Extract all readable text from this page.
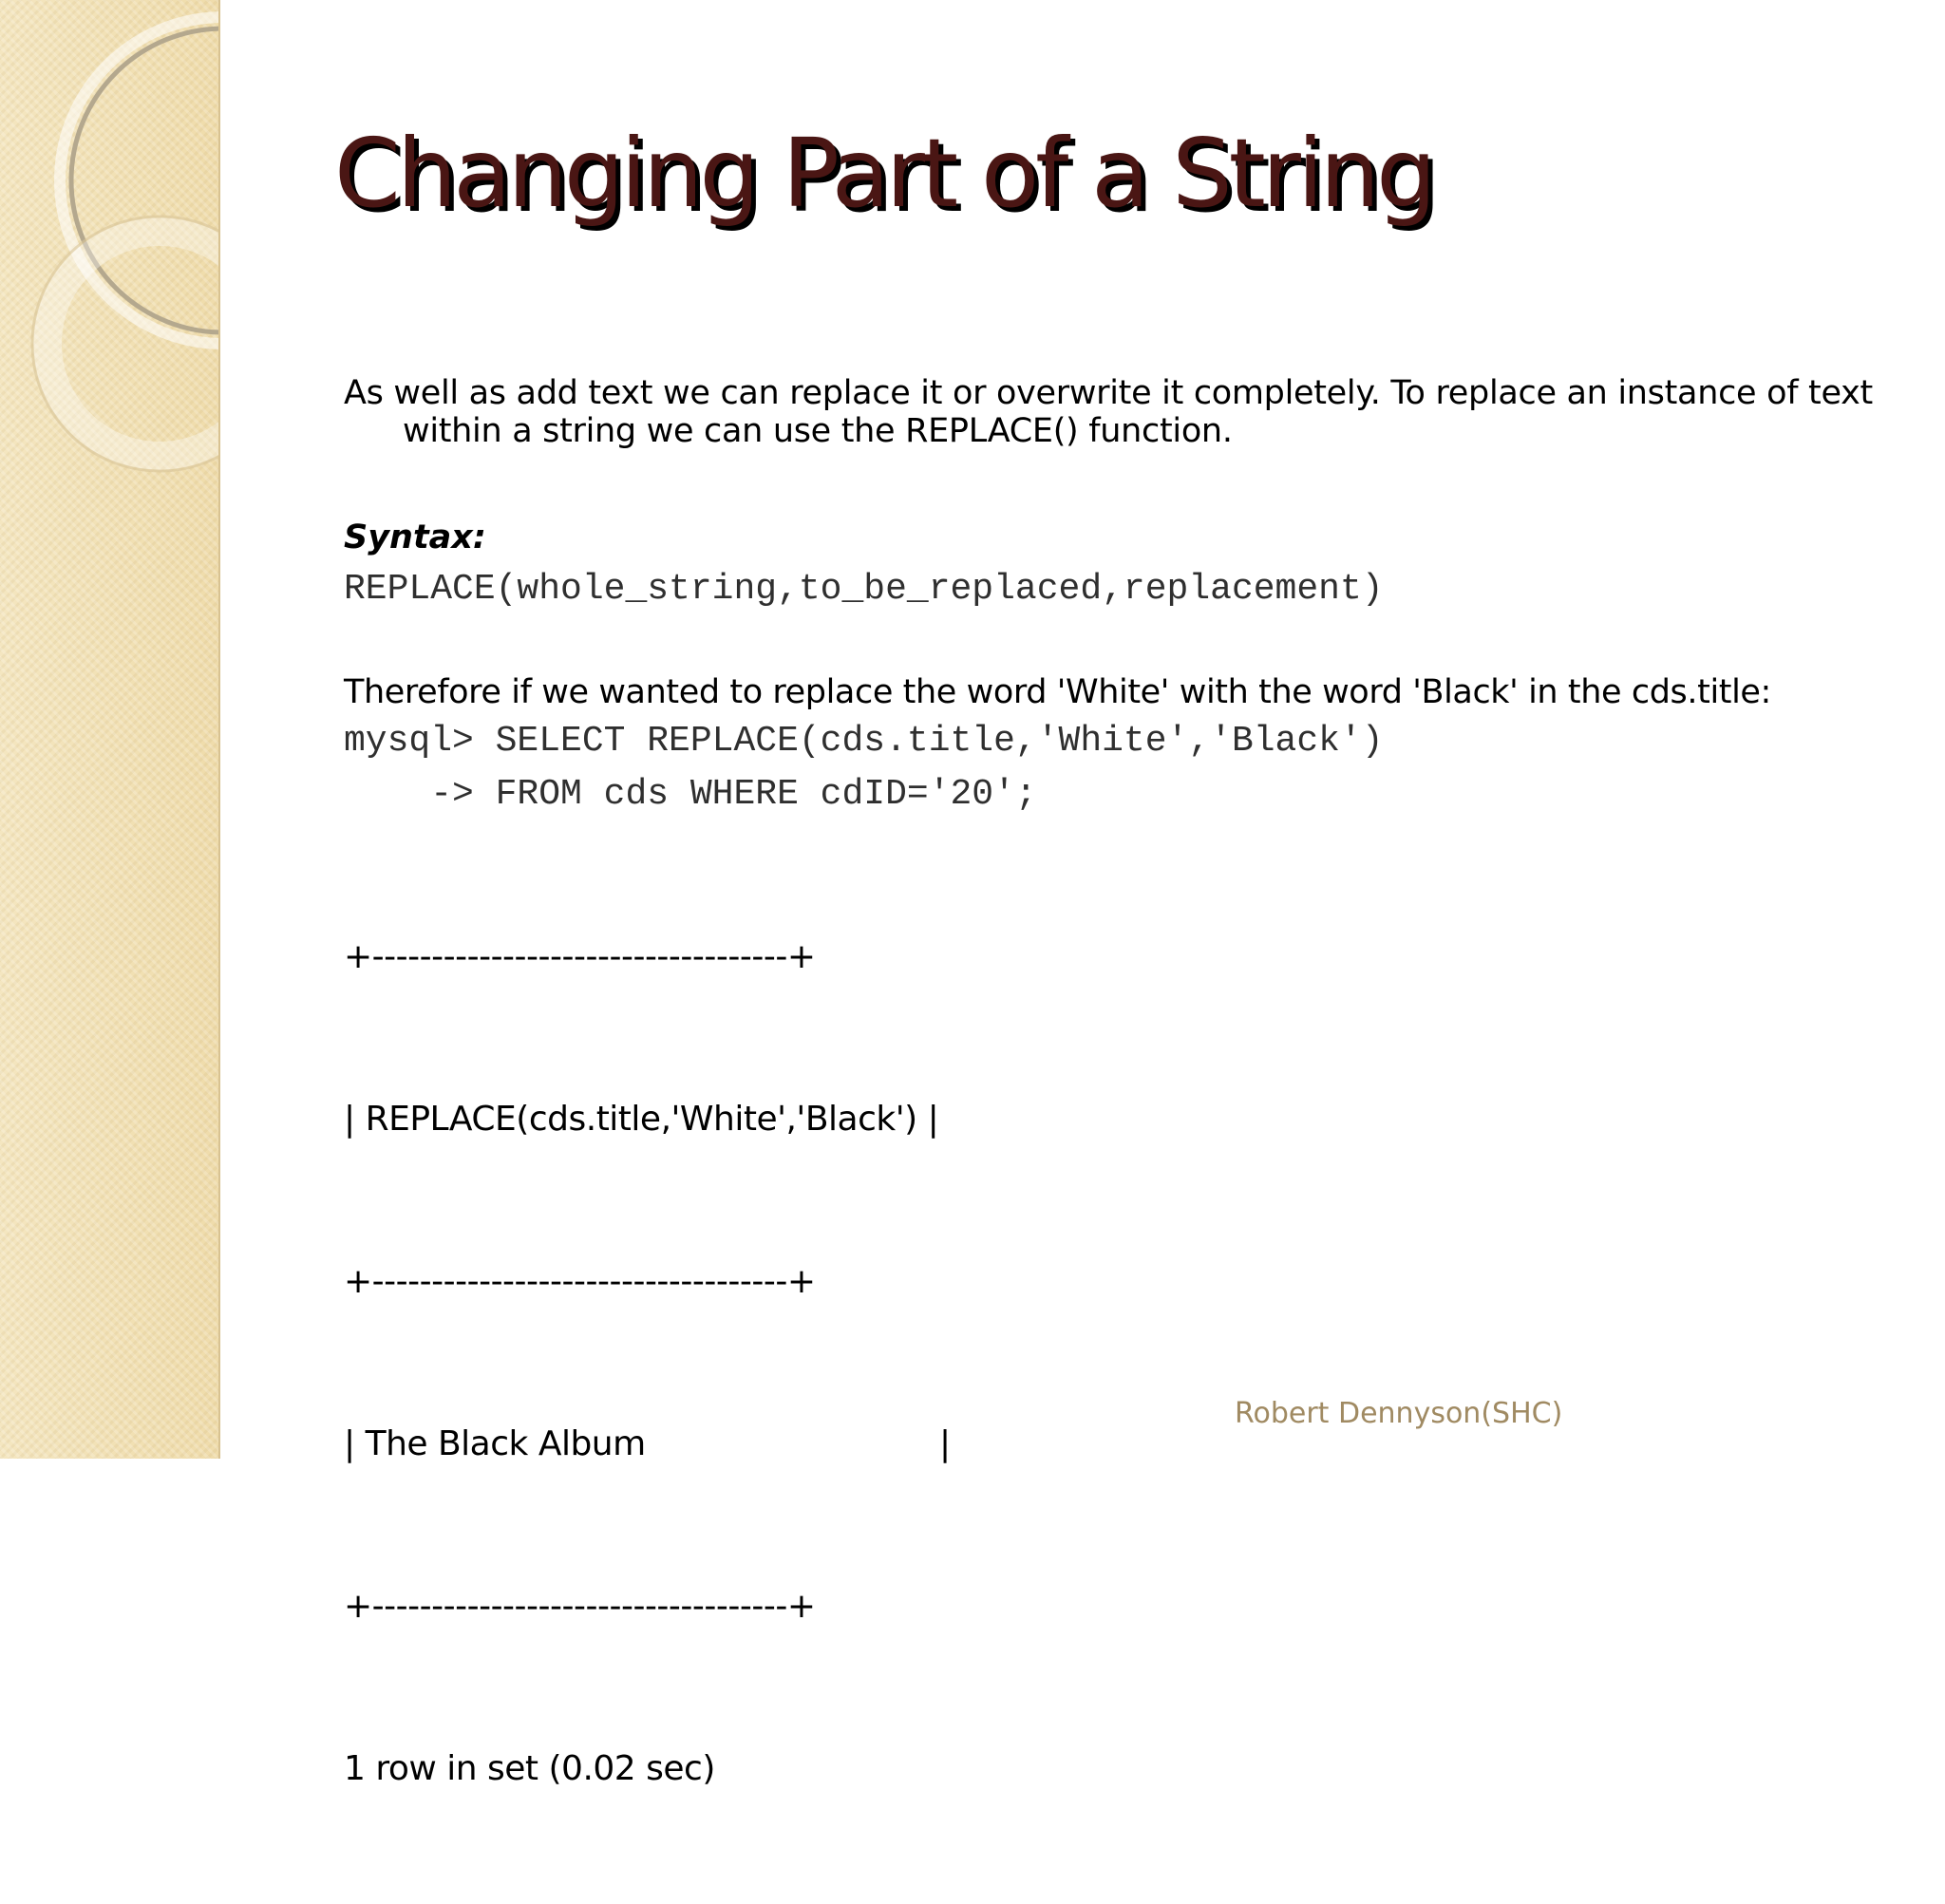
Changing Part of a String

As well as add text we can replace it or overwrite it completely. To replace an instance of text within a string we can use the REPLACE() function.

Syntax:

REPLACE(whole_string,to_be_replaced,replacement)

Therefore if we wanted to replace the word 'White' with the word 'Black' in the cds.title:

mysql> SELECT REPLACE(cds.title,'White','Black')

-> FROM cds WHERE cdID='20';

+-----------------------------------+

| REPLACE(cds.title,'White','Black') |

+-----------------------------------+

| The Black Album	|

+-----------------------------------+

1 row in set (0.02 sec)

Robert Dennyson(SHC)
